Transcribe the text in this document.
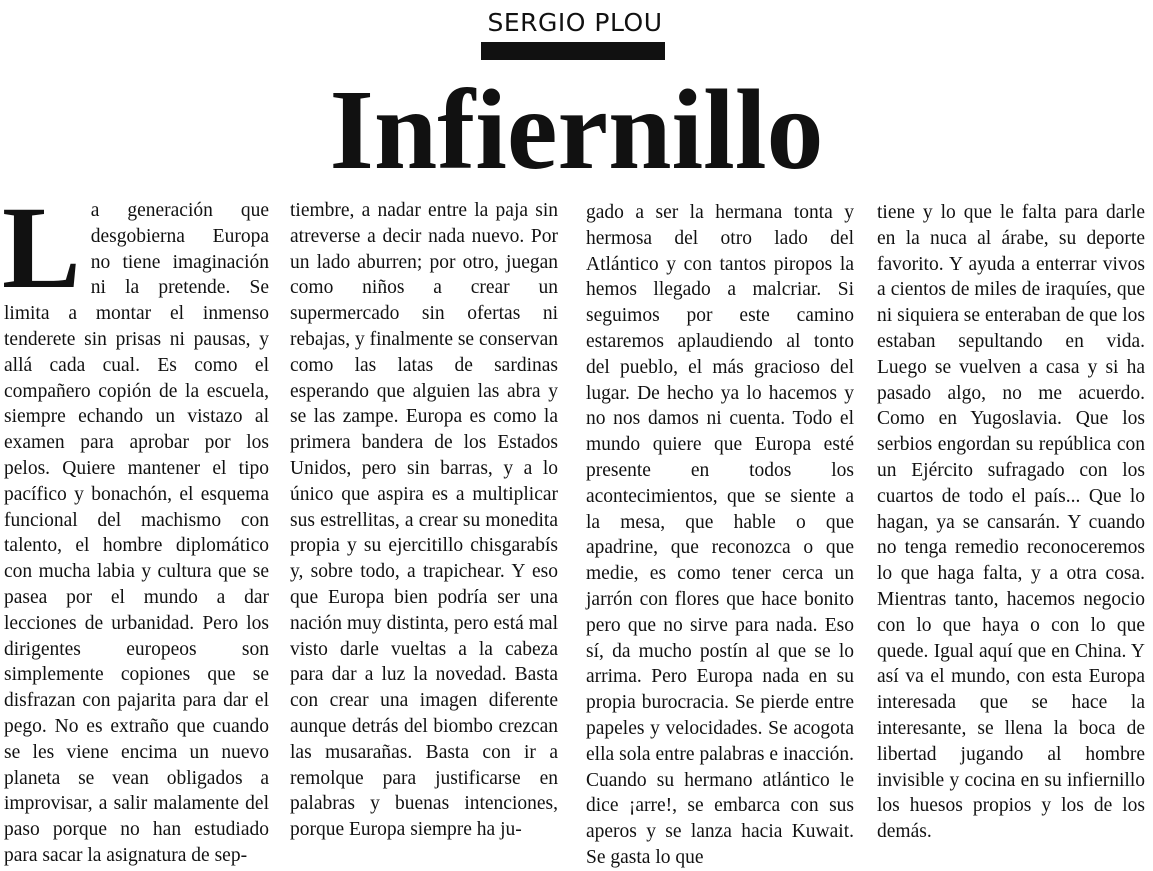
SERGIO PLOU
Infiernillo
L a generación que desgobierna Europa no tiene imaginación ni la pretende. Se limita a montar el inmenso tenderete sin prisas ni pausas, y allá cada cual. Es como el compañero copión de la escuela, siempre echando un vistazo al examen para aprobar por los pelos. Quiere mantener el tipo pacífico y bonachón, el esquema funcional del machismo con talento, el hombre diplomático con mucha labia y cultura que se pasea por el mundo a dar lecciones de urbanidad. Pero los dirigentes europeos son simplemente copiones que se disfrazan con pajarita para dar el pego. No es extraño que cuando se les viene encima un nuevo planeta se vean obligados a improvisar, a salir malamente del paso porque no han estudiado para sacar la asignatura de sep-

tiembre, a nadar entre la paja sin atreverse a decir nada nuevo. Por un lado aburren; por otro, juegan como niños a crear un supermercado sin ofertas ni rebajas, y finalmente se conservan como las latas de sardinas esperando que alguien las abra y se las zampe. Europa es como la primera bandera de los Estados Unidos, pero sin barras, y a lo único que aspira es a multiplicar sus estrellitas, a crear su monedita propia y su ejercitillo chisgarabís y, sobre todo, a trapichear. Y eso que Europa bien podría ser una nación muy distinta, pero está mal visto darle vueltas a la cabeza para dar a luz la novedad. Basta con crear una imagen diferente aunque detrás del biombo crezcan las musarañas. Basta con ir a remolque para justificarse en palabras y buenas intenciones, porque Europa siempre ha ju-

gado a ser la hermana tonta y hermosa del otro lado del Atlántico y con tantos piropos la hemos llegado a malcriar. Si seguimos por este camino estaremos aplaudiendo al tonto del pueblo, el más gracioso del lugar. De hecho ya lo hacemos y no nos damos ni cuenta. Todo el mundo quiere que Europa esté presente en todos los acontecimientos, que se siente a la mesa, que hable o que apadrine, que reconozca o que medie, es como tener cerca un jarrón con flores que hace bonito pero que no sirve para nada. Eso sí, da mucho postín al que se lo arrima. Pero Europa nada en su propia burocracia. Se pierde entre papeles y velocidades. Se acogota ella sola entre palabras e inacción. Cuando su hermano atlántico le dice ¡arre!, se embarca con sus aperos y se lanza hacia Kuwait. Se gasta lo que

tiene y lo que le falta para darle en la nuca al árabe, su deporte favorito. Y ayuda a enterrar vivos a cientos de miles de iraquíes, que ni siquiera se enteraban de que los estaban sepultando en vida. Luego se vuelven a casa y si ha pasado algo, no me acuerdo. Como en Yugoslavia. Que los serbios engordan su república con un Ejército sufragado con los cuartos de todo el país... Que lo hagan, ya se cansarán. Y cuando no tenga remedio reconoceremos lo que haga falta, y a otra cosa. Mientras tanto, hacemos negocio con lo que haya o con lo que quede. Igual aquí que en China. Y así va el mundo, con esta Europa interesada que se hace la interesante, se llena la boca de libertad jugando al hombre invisible y cocina en su infiernillo los huesos propios y los de los demás.
